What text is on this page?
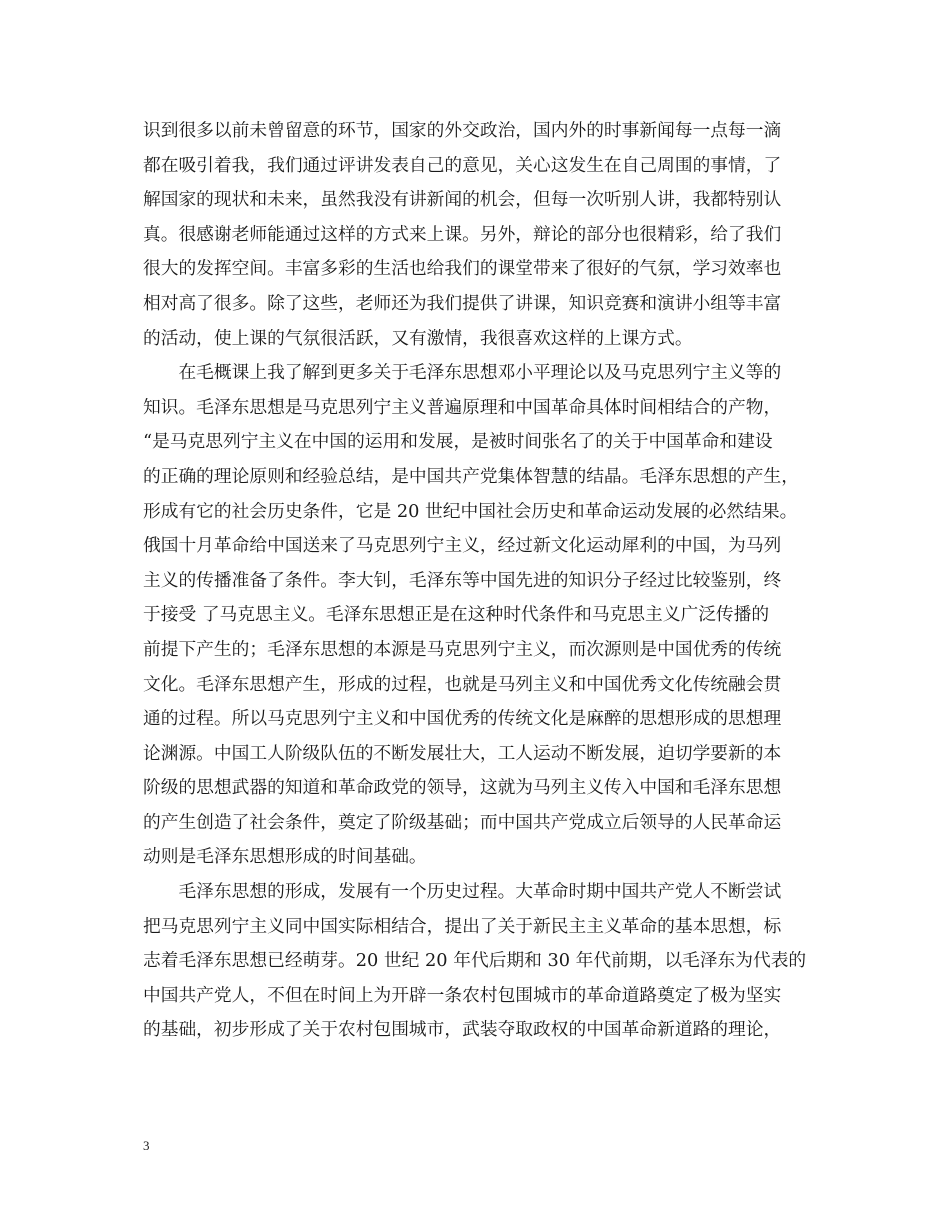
识到很多以前未曾留意的环节，国家的外交政治，国内外的时事新闻每一点每一滴
都在吸引着我，我们通过评讲发表自己的意见，关心这发生在自己周围的事情，了
解国家的现状和未来，虽然我没有讲新闻的机会，但每一次听别人讲，我都特别认
真。很感谢老师能通过这样的方式来上课。另外，辩论的部分也很精彩，给了我们
很大的发挥空间。丰富多彩的生活也给我们的课堂带来了很好的气氛，学习效率也
相对高了很多。除了这些，老师还为我们提供了讲课，知识竞赛和演讲小组等丰富
的活动，使上课的气氛很活跃，又有激情，我很喜欢这样的上课方式。
　　在毛概课上我了解到更多关于毛泽东思想邓小平理论以及马克思列宁主义等的
知识。毛泽东思想是马克思列宁主义普遍原理和中国革命具体时间相结合的产物，
“是马克思列宁主义在中国的运用和发展，是被时间张名了的关于中国革命和建设
的正确的理论原则和经验总结，是中国共产党集体智慧的结晶。毛泽东思想的产生，
形成有它的社会历史条件，它是 20 世纪中国社会历史和革命运动发展的必然结果。
俄国十月革命给中国送来了马克思列宁主义，经过新文化运动犀利的中国，为马列
主义的传播准备了条件。李大钊，毛泽东等中国先进的知识分子经过比较鉴别，终
于接受 了马克思主义。毛泽东思想正是在这种时代条件和马克思主义广泛传播的
前提下产生的；毛泽东思想的本源是马克思列宁主义，而次源则是中国优秀的传统
文化。毛泽东思想产生，形成的过程，也就是马列主义和中国优秀文化传统融会贯
通的过程。所以马克思列宁主义和中国优秀的传统文化是麻醉的思想形成的思想理
论渊源。中国工人阶级队伍的不断发展壮大，工人运动不断发展，迫切学要新的本
阶级的思想武器的知道和革命政党的领导，这就为马列主义传入中国和毛泽东思想
的产生创造了社会条件，奠定了阶级基础；而中国共产党成立后领导的人民革命运
动则是毛泽东思想形成的时间基础。
　　毛泽东思想的形成，发展有一个历史过程。大革命时期中国共产党人不断尝试
把马克思列宁主义同中国实际相结合，提出了关于新民主主义革命的基本思想，标
志着毛泽东思想已经萌芽。20 世纪 20 年代后期和 30 年代前期，以毛泽东为代表的
中国共产党人，不但在时间上为开辟一条农村包围城市的革命道路奠定了极为坚实
的基础，初步形成了关于农村包围城市，武装夺取政权的中国革命新道路的理论，
3
